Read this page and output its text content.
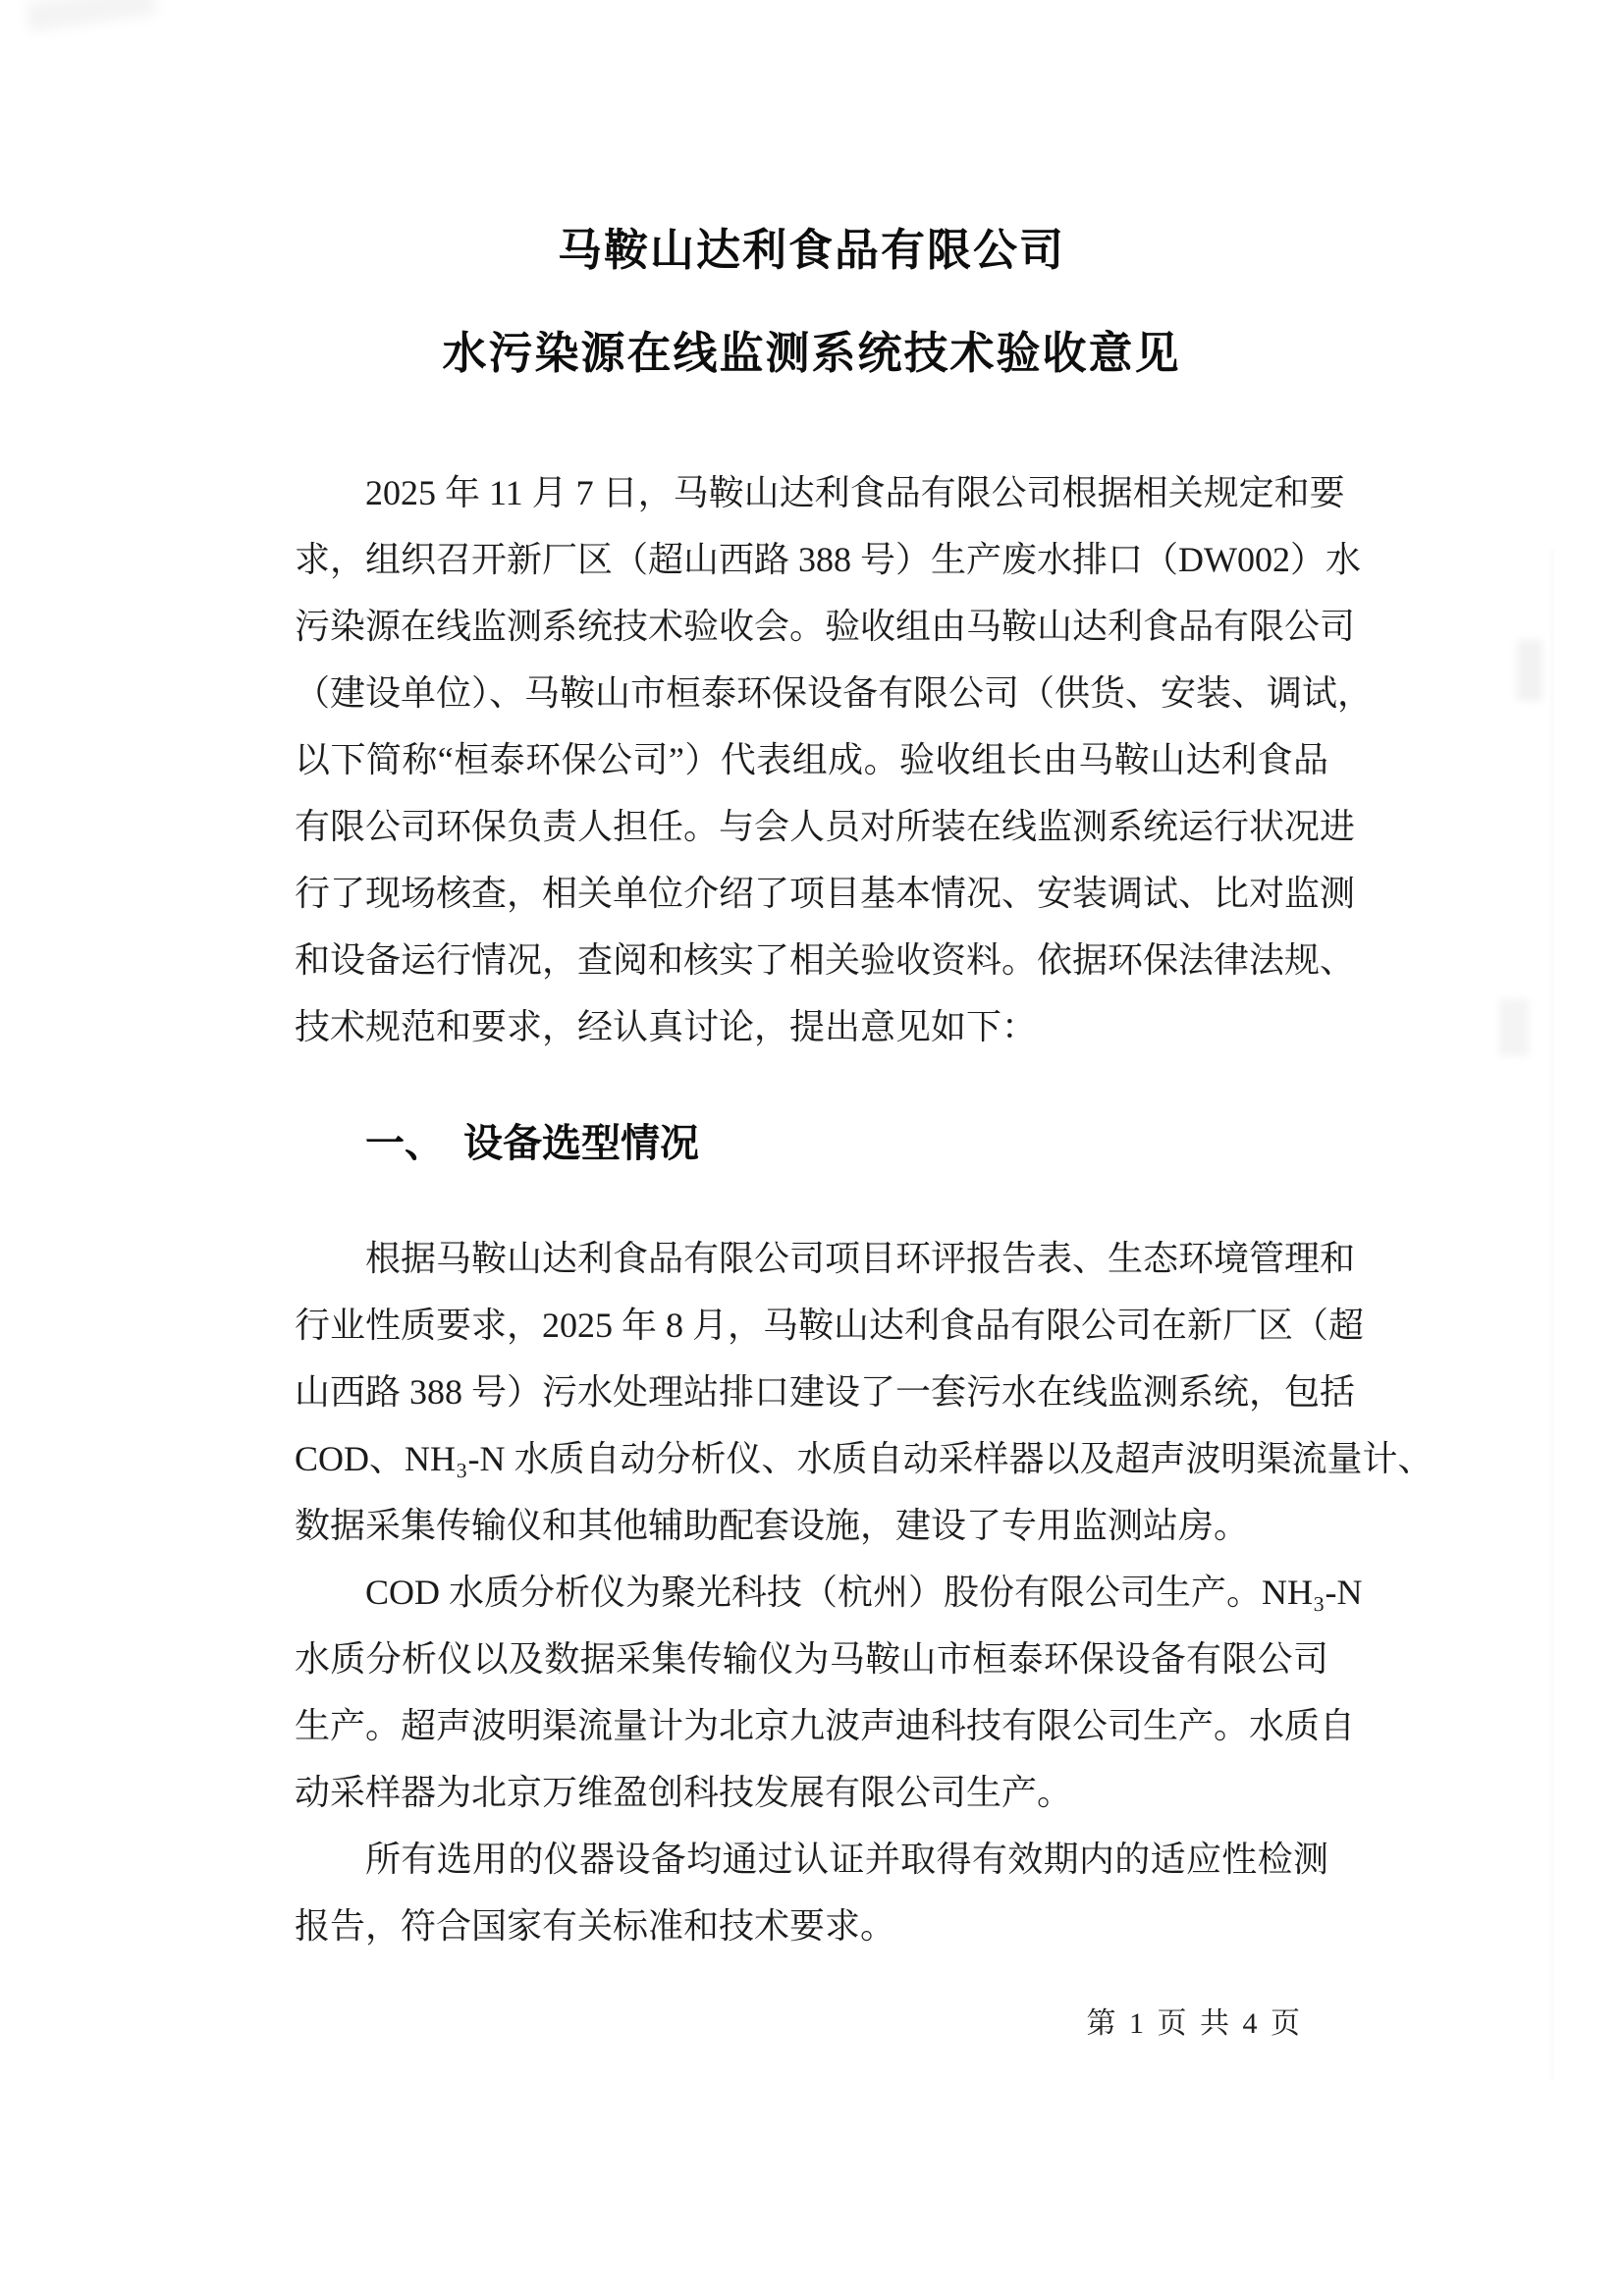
马鞍山达利食品有限公司
水污染源在线监测系统技术验收意见
2025 年 11 月 7 日，马鞍山达利食品有限公司根据相关规定和要
求，组织召开新厂区（超山西路 388 号）生产废水排口（DW002）水
污染源在线监测系统技术验收会。验收组由马鞍山达利食品有限公司
（建设单位）、马鞍山市桓泰环保设备有限公司（供货、安装、调试，
以下简称“桓泰环保公司”）代表组成。验收组长由马鞍山达利食品
有限公司环保负责人担任。与会人员对所装在线监测系统运行状况进
行了现场核查，相关单位介绍了项目基本情况、安装调试、比对监测
和设备运行情况，查阅和核实了相关验收资料。依据环保法律法规、
技术规范和要求，经认真讨论，提出意见如下：
一、　设备选型情况
根据马鞍山达利食品有限公司项目环评报告表、生态环境管理和
行业性质要求，2025 年 8 月，马鞍山达利食品有限公司在新厂区（超
山西路 388 号）污水处理站排口建设了一套污水在线监测系统，包括
COD、NH₃-N 水质自动分析仪、水质自动采样器以及超声波明渠流量计、
数据采集传输仪和其他辅助配套设施，建设了专用监测站房。
COD 水质分析仪为聚光科技（杭州）股份有限公司生产。NH₃-N
水质分析仪以及数据采集传输仪为马鞍山市桓泰环保设备有限公司
生产。超声波明渠流量计为北京九波声迪科技有限公司生产。水质自
动采样器为北京万维盈创科技发展有限公司生产。
所有选用的仪器设备均通过认证并取得有效期内的适应性检测
报告，符合国家有关标准和技术要求。
第 1 页 共 4 页
